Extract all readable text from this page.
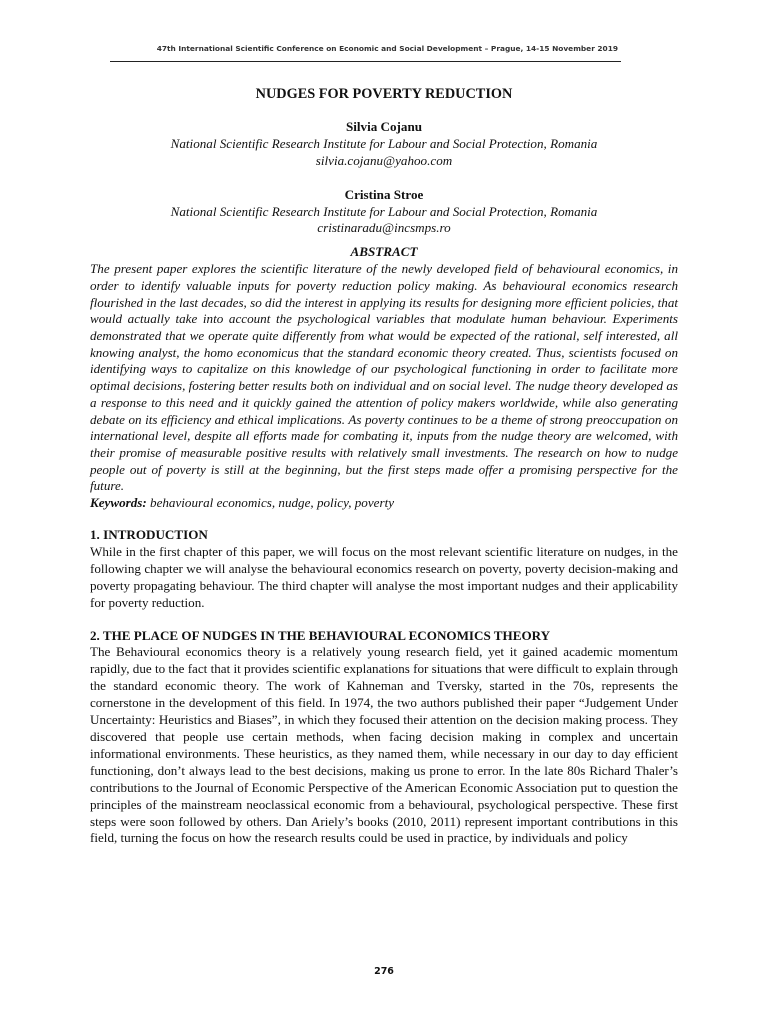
47th International Scientific Conference on Economic and Social Development – Prague, 14-15 November 2019

NUDGES FOR POVERTY REDUCTION

Silvia Cojanu

National Scientific Research Institute for Labour and Social Protection, Romania

silvia.cojanu@yahoo.com

Cristina Stroe

National Scientific Research Institute for Labour and Social Protection, Romania

cristinaradu@incsmps.ro

ABSTRACT

The present paper explores the scientific literature of the newly developed field of behavioural economics, in order to identify valuable inputs for poverty reduction policy making. As behavioural economics research flourished in the last decades, so did the interest in applying its results for designing more efficient policies, that would actually take into account the psychological variables that modulate human behaviour. Experiments demonstrated that we operate quite differently from what would be expected of the rational, self interested, all knowing analyst, the homo economicus that the standard economic theory created. Thus, scientists focused on identifying ways to capitalize on this knowledge of our psychological functioning in order to facilitate more optimal decisions, fostering better results both on individual and on social level. The nudge theory developed as a response to this need and it quickly gained the attention of policy makers worldwide, while also generating debate on its efficiency and ethical implications. As poverty continues to be a theme of strong preoccupation on international level, despite all efforts made for combating it, inputs from the nudge theory are welcomed, with their promise of measurable positive results with relatively small investments. The research on how to nudge people out of poverty is still at the beginning, but the first steps made offer a promising perspective for the future.

Keywords: behavioural economics, nudge, policy, poverty

1. INTRODUCTION

While in the first chapter of this paper, we will focus on the most relevant scientific literature on nudges, in the following chapter we will analyse the behavioural economics research on poverty, poverty decision-making and poverty propagating behaviour. The third chapter will analyse the most important nudges and their applicability for poverty reduction.

2. THE PLACE OF NUDGES IN THE BEHAVIOURAL ECONOMICS THEORY

The Behavioural economics theory is a relatively young research field, yet it gained academic momentum rapidly, due to the fact that it provides scientific explanations for situations that were difficult to explain through the standard economic theory. The work of Kahneman and Tversky, started in the 70s, represents the cornerstone in the development of this field. In 1974, the two authors published their paper “Judgement Under Uncertainty: Heuristics and Biases”, in which they focused their attention on the decision making process. They discovered that people use certain methods, when facing decision making in complex and uncertain informational environments. These heuristics, as they named them, while necessary in our day to day efficient functioning, don’t always lead to the best decisions, making us prone to error. In the late 80s Richard Thaler’s contributions to the Journal of Economic Perspective of the American Economic Association put to question the principles of the mainstream neoclassical economic from a behavioural, psychological perspective. These first steps were soon followed by others. Dan Ariely’s books (2010, 2011) represent important contributions in this field, turning the focus on how the research results could be used in practice, by individuals and policy

276
